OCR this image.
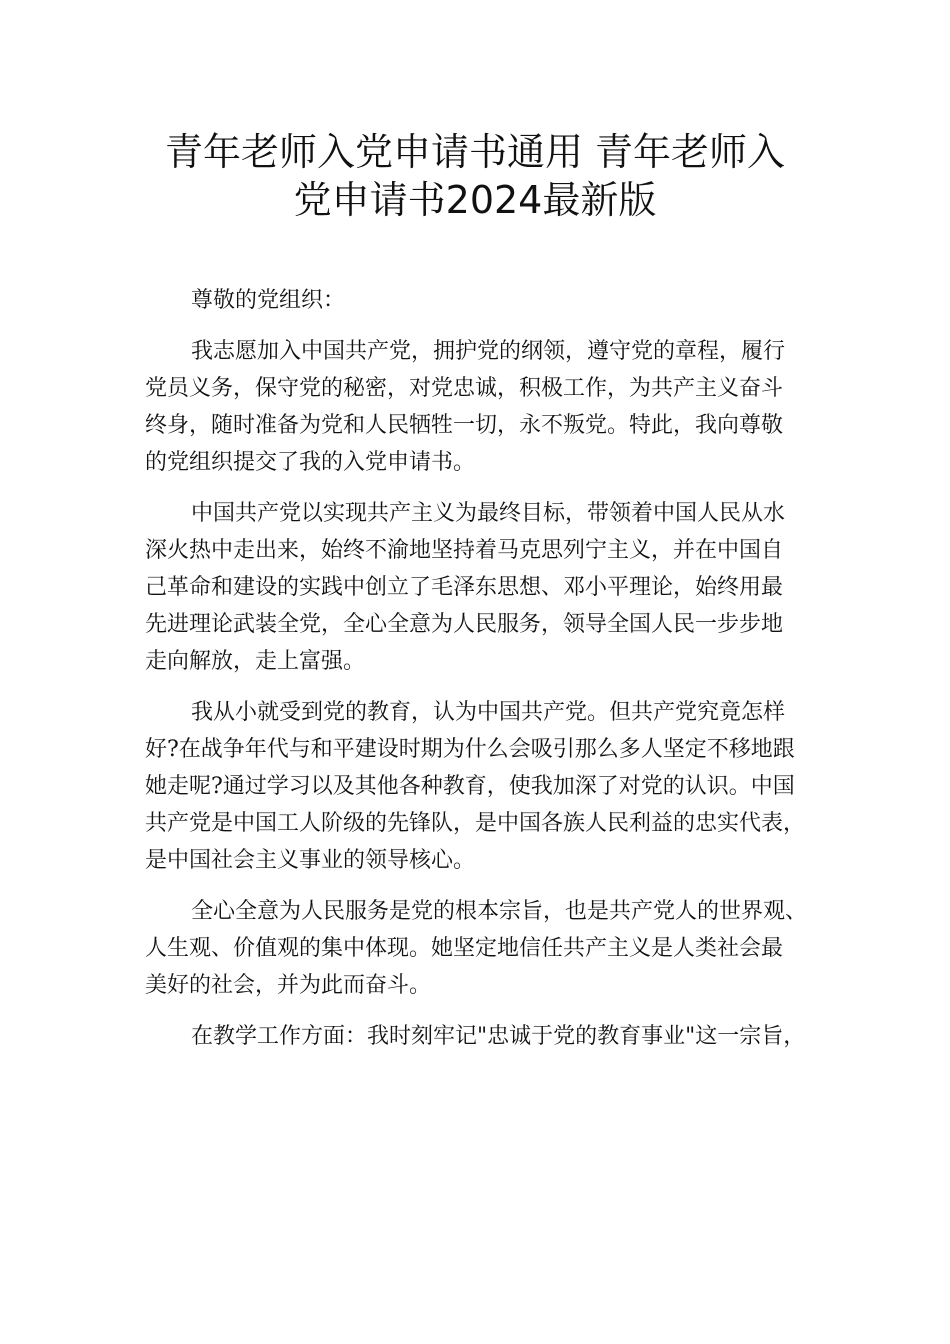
青年老师入党申请书通用 青年老师入
党申请书2024最新版

尊敬的党组织：

我志愿加入中国共产党，拥护党的纲领，遵守党的章程，履行
党员义务，保守党的秘密，对党忠诚，积极工作，为共产主义奋斗
终身，随时准备为党和人民牺牲一切，永不叛党。特此，我向尊敬
的党组织提交了我的入党申请书。

中国共产党以实现共产主义为最终目标，带领着中国人民从水
深火热中走出来，始终不渝地坚持着马克思列宁主义，并在中国自
己革命和建设的实践中创立了毛泽东思想、邓小平理论，始终用最
先进理论武装全党，全心全意为人民服务，领导全国人民一步步地
走向解放，走上富强。

我从小就受到党的教育，认为中国共产党。但共产党究竟怎样
好?在战争年代与和平建设时期为什么会吸引那么多人坚定不移地跟
她走呢?通过学习以及其他各种教育，使我加深了对党的认识。中国
共产党是中国工人阶级的先锋队，是中国各族人民利益的忠实代表，
是中国社会主义事业的领导核心。

全心全意为人民服务是党的根本宗旨，也是共产党人的世界观、
人生观、价值观的集中体现。她坚定地信任共产主义是人类社会最
美好的社会，并为此而奋斗。

在教学工作方面：我时刻牢记"忠诚于党的教育事业"这一宗旨，
